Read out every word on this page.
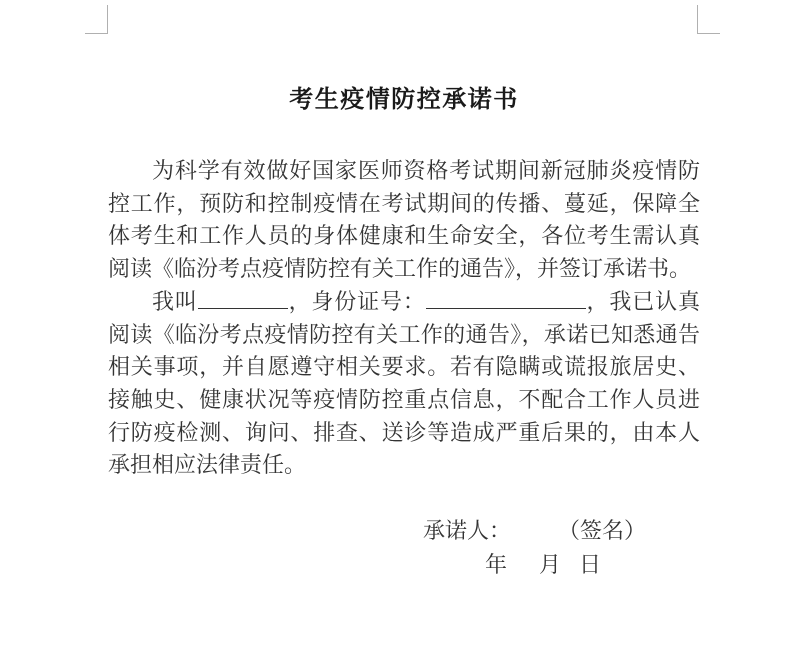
考生疫情防控承诺书

为科学有效做好国家医师资格考试期间新冠肺炎疫情防控工作，预防和控制疫情在考试期间的传播、蔓延，保障全体考生和工作人员的身体健康和生命安全，各位考生需认真阅读《临汾考点疫情防控有关工作的通告》，并签订承诺书。

我叫	，身份证号：	，我已认真阅读《临汾考点疫情防控有关工作的通告》，承诺已知悉通告相关事项，并自愿遵守相关要求。若有隐瞒或谎报旅居史、接触史、健康状况等疫情防控重点信息，不配合工作人员进行防疫检测、询问、排查、送诊等造成严重后果的，由本人承担相应法律责任。

承诺人：	（签名）
年 月 日
